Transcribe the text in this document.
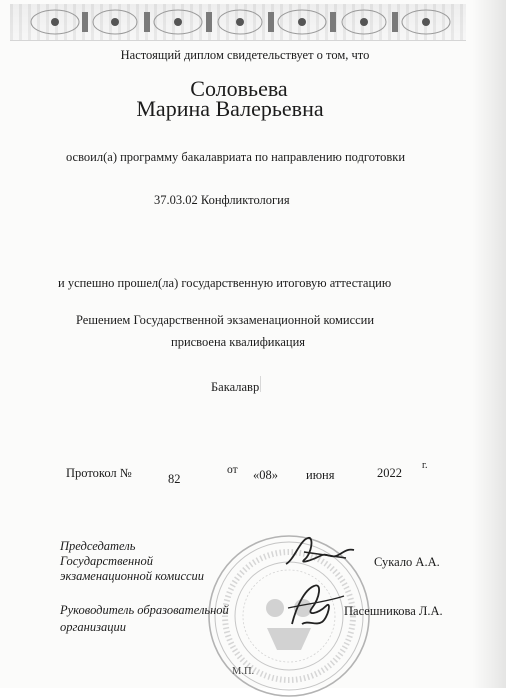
Настоящий диплом свидетельствует о том, что
Соловьева
Марина Валерьевна
освоил(а) программу бакалавриата по направлению подготовки
37.03.02 Конфликтология
и успешно прошел(ла) государственную итоговую аттестацию
Решением Государственной экзаменационной комиссии
присвоена квалификация
Бакалавр
Протокол №	82
от «08» июня	2022
г.
Председатель
Государственной
экзаменационной комиссии
Сукало А.А.
Руководитель образовательной
организации
Пасешникова Л.А.
М.П.
